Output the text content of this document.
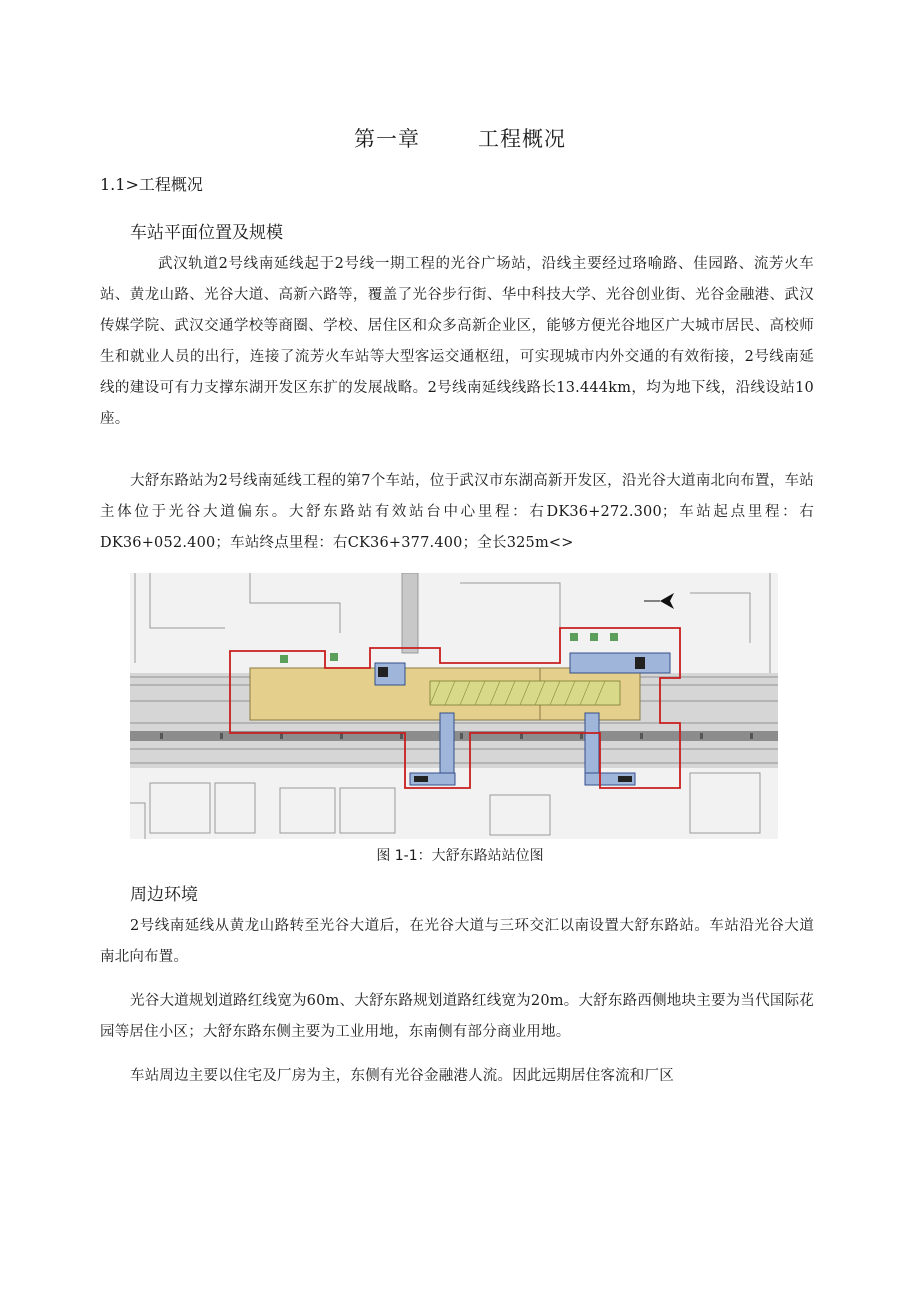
第一章	工程概况
1.1>工程概况
车站平面位置及规模

武汉轨道2号线南延线起于2号线一期工程的光谷广场站，沿线主要经过珞喻路、佳园路、流芳火车站、黄龙山路、光谷大道、高新六路等，覆盖了光谷步行街、华中科技大学、光谷创业街、光谷金融港、武汉传媒学院、武汉交通学校等商圈、学校、居住区和众多高新企业区，能够方便光谷地区广大城市居民、高校师生和就业人员的出行，连接了流芳火车站等大型客运交通枢纽，可实现城市内外交通的有效衔接，2号线南延线的建设可有力支撑东湖开发区东扩的发展战略。2号线南延线线路长13.444km，均为地下线，沿线设站10座。

大舒东路站为2号线南延线工程的第7个车站，位于武汉市东湖高新开发区，沿光谷大道南北向布置，车站主体位于光谷大道偏东。大舒东路站有效站台中心里程：右DK36+272.300；车站起点里程：右DK36+052.400；车站终点里程：右CK36+377.400；全长325m<>

图 1-1：大舒东路站站位图
周边环境

2号线南延线从黄龙山路转至光谷大道后，在光谷大道与三环交汇以南设置大舒东路站。车站沿光谷大道南北向布置。

光谷大道规划道路红线宽为60m、大舒东路规划道路红线宽为20m。大舒东路西侧地块主要为当代国际花园等居住小区；大舒东路东侧主要为工业用地，东南侧有部分商业用地。

车站周边主要以住宅及厂房为主，东侧有光谷金融港人流。因此远期居住客流和厂区
